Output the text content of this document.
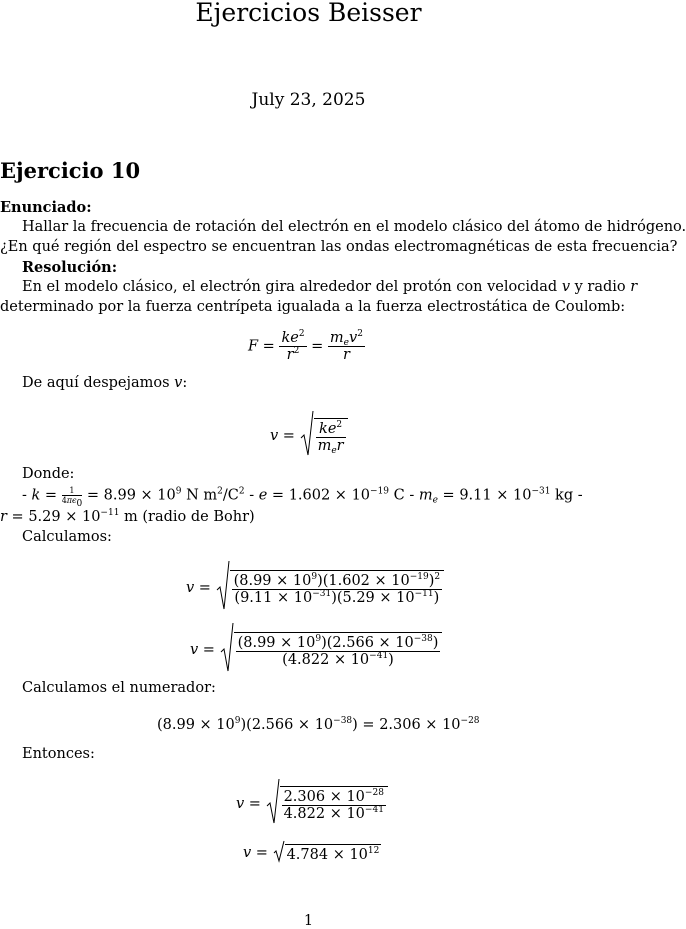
Ejercicios Beisser
July 23, 2025
Ejercicio 10
Enunciado:
Hallar la frecuencia de rotación del electrón en el modelo clásico del átomo de hidrógeno.
¿En qué región del espectro se encuentran las ondas electromagnéticas de esta frecuencia?
Resolución:
En el modelo clásico, el electrón gira alrededor del protón con velocidad v y radio r
determinado por la fuerza centrípeta igualada a la fuerza electrostática de Coulomb:
$F = \frac{ke^2}{r^2} = \frac{m_ev^2}{r}$
De aquí despejamos v:
$v = \frac{ke^2}{m_er}$
Donde:
- $k = \frac{1}{4\pi\epsilon_0} = 8.99 \times 10^9$ N $m^2/C^2 - e = 1.602 \times 10^{-19}$ $C - m_e = 9.11 \times 10^{-31}$ kg -
$r = 5.29 \times 10^{-11}$ m (radio de Bohr)
Calculamos:
$v = \frac{(8.99 \times 10^9)(1.602 \times 10^{-19})^2}{(9.11 \times 10^{-31})(5.29 \times 10^{-11})}$
$v = \frac{(8.99 \times 10^9)(2.566 \times 10^{-38})}{(4.822 \times 10^{-41})}$
Calculamos el numerador:
$(8.99 \times 10^9)(2.566 \times 10^{-38}) = 2.306 \times 10^{-28}$
Entonces:
$v = \frac{2.306 \times 10^{-28}}{4.822 \times 10^{-41}}$
$v = 4.784 \times 10^{12}$
1
